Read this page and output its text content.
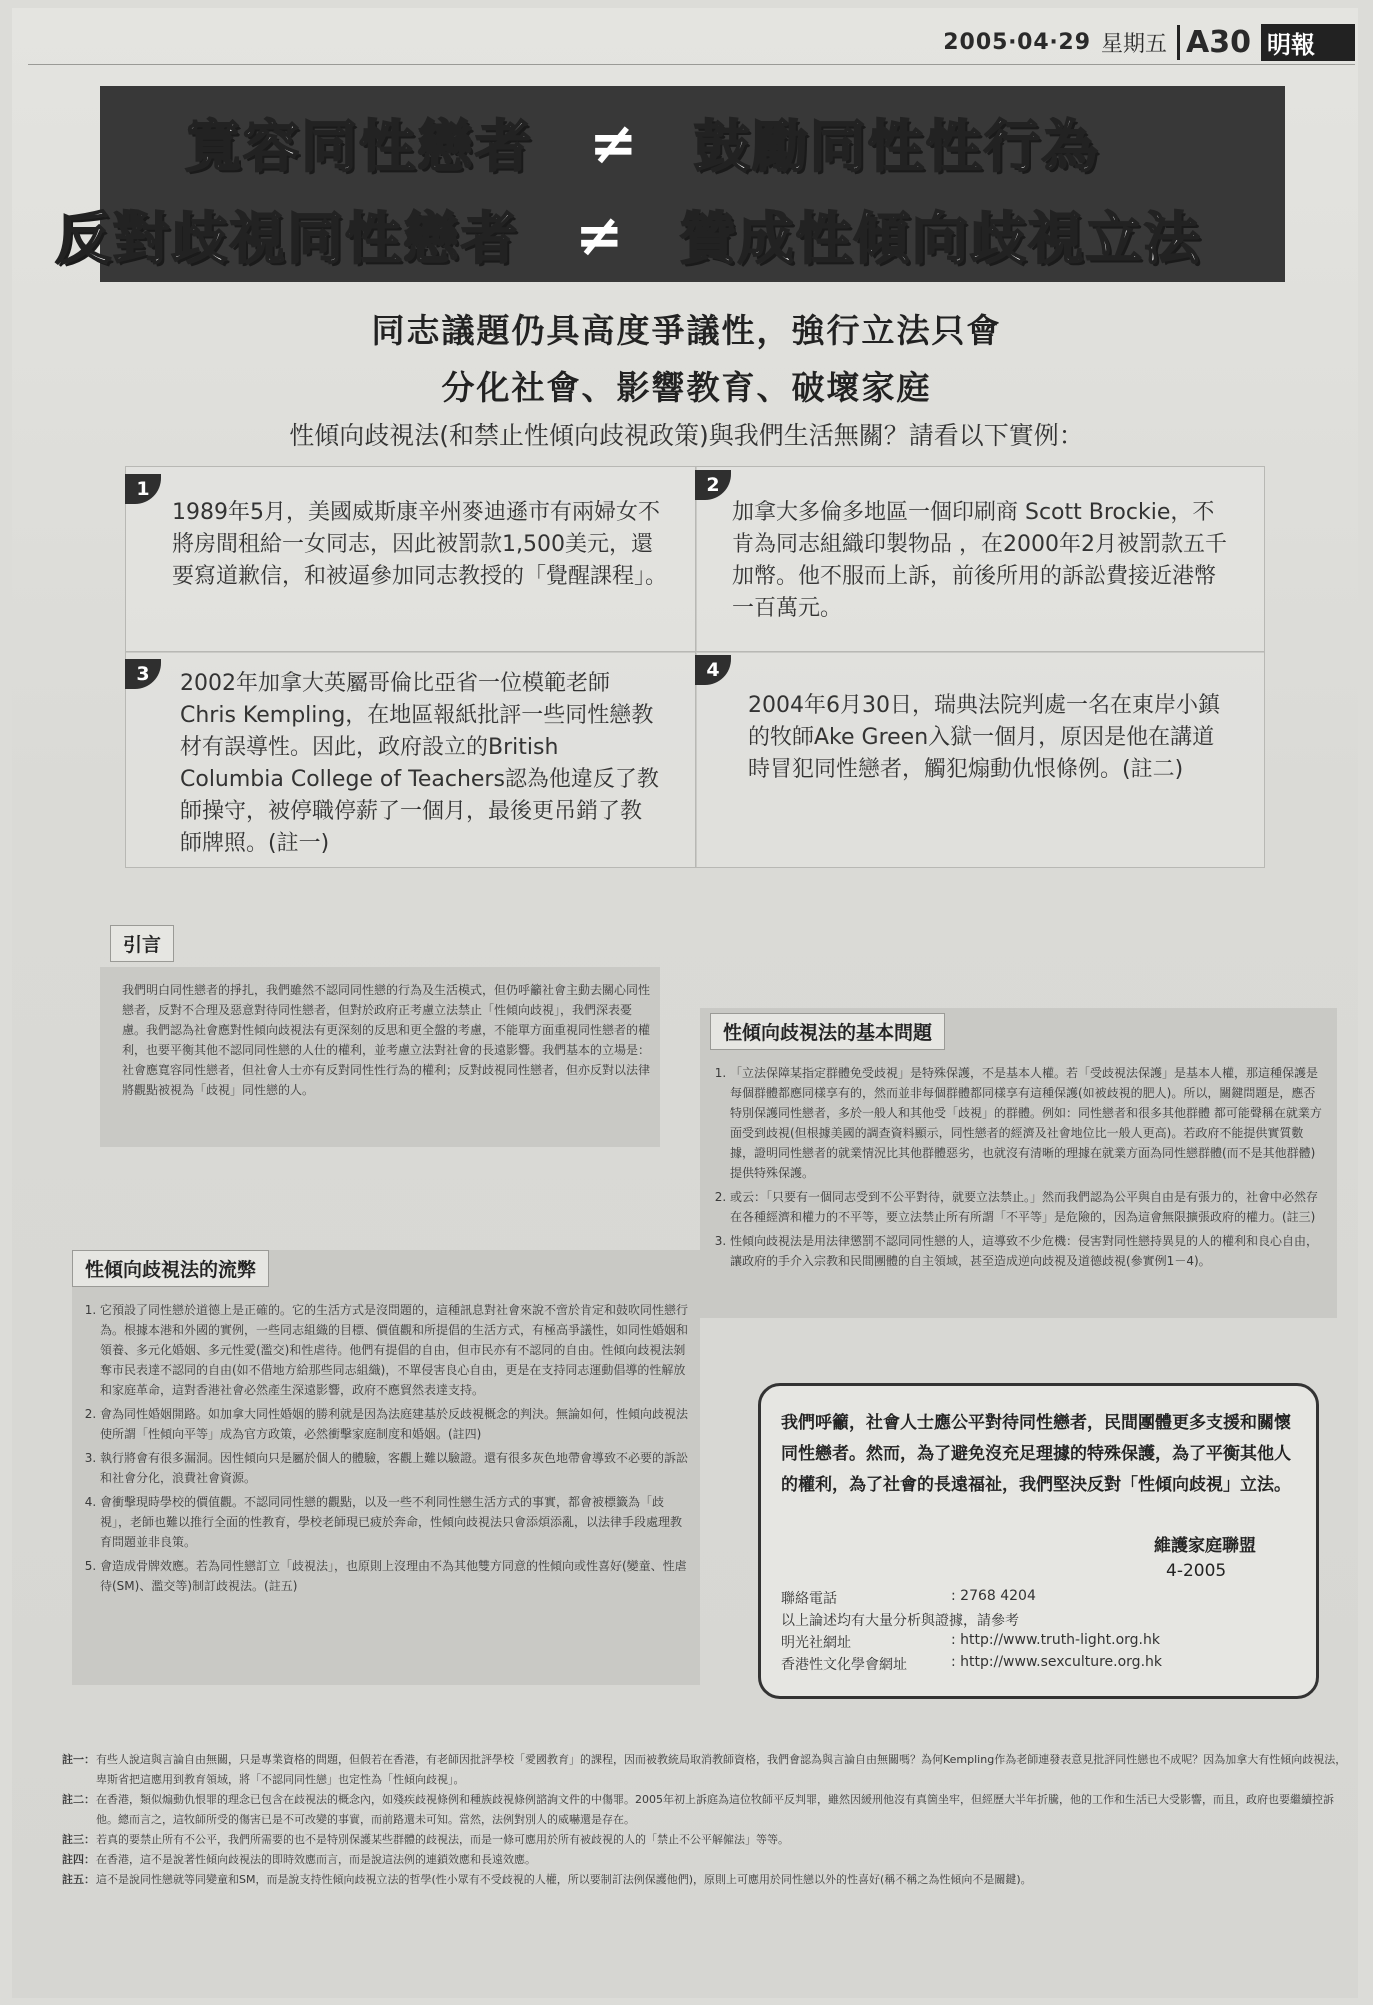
2005‧04‧29 星期五 A30 明報
寬容同性戀者 ≠ 鼓勵同性性行為
反對歧視同性戀者 ≠ 贊成性傾向歧視立法
同志議題仍具高度爭議性，強行立法只會
分化社會、影響教育、破壞家庭
性傾向歧視法(和禁止性傾向歧視政策)與我們生活無關？請看以下實例：
1	2
3	4
1989年5月，美國威斯康辛州麥迪遜市有兩婦女不將房間租給一女同志，因此被罰款1,500美元，還要寫道歉信，和被逼參加同志教授的「覺醒課程」。
加拿大多倫多地區一個印刷商 Scott Brockie，不肯為同志組織印製物品 ，在2000年2月被罰款五千加幣。他不服而上訴，前後所用的訴訟費接近港幣一百萬元。
2002年加拿大英屬哥倫比亞省一位模範老師Chris Kempling，在地區報紙批評一些同性戀教材有誤導性。因此，政府設立的British Columbia College of Teachers認為他違反了教師操守，被停職停薪了一個月，最後更吊銷了教師牌照。(註一)
2004年6月30日，瑞典法院判處一名在東岸小鎮的牧師Ake Green入獄一個月，原因是他在講道時冒犯同性戀者，觸犯煽動仇恨條例。(註二)
引言

我們明白同性戀者的掙扎，我們雖然不認同同性戀的行為及生活模式，但仍呼籲社會主動去關心同性戀者，反對不合理及惡意對待同性戀者，但對於政府正考慮立法禁止「性傾向歧視」，我們深表憂慮。我們認為社會應對性傾向歧視法有更深刻的反思和更全盤的考慮，不能單方面重視同性戀者的權利，也要平衡其他不認同同性戀的人仕的權利，並考慮立法對社會的長遠影響。我們基本的立場是：社會應寬容同性戀者，但社會人士亦有反對同性性行為的權利；反對歧視同性戀者，但亦反對以法律將觀點被視為「歧視」同性戀的人。

性傾向歧視法的基本問題
1. 「立法保障某指定群體免受歧視」是特殊保護，不是基本人權。若「受歧視法保護」是基本人權，那這種保護是每個群體都應同樣享有的，然而並非每個群體都同樣享有這種保護(如被歧視的肥人)。所以，關鍵問題是，應否特別保護同性戀者，多於一般人和其他受「歧視」的群體。例如：同性戀者和很多其他群體 都可能聲稱在就業方面受到歧視(但根據美國的調查資料顯示，同性戀者的經濟及社會地位比一般人更高)。若政府不能提供實質數據，證明同性戀者的就業情況比其他群體惡劣，也就沒有清晰的理據在就業方面為同性戀群體(而不是其他群體)提供特殊保護。
2. 或云：「只要有一個同志受到不公平對待，就要立法禁止。」然而我們認為公平與自由是有張力的，社會中必然存在各種經濟和權力的不平等，要立法禁止所有所謂「不平等」是危險的，因為這會無限擴張政府的權力。(註三)
3. 性傾向歧視法是用法律懲罰不認同同性戀的人，這導致不少危機：侵害對同性戀持異見的人的權利和良心自由，讓政府的手介入宗教和民間團體的自主領域，甚至造成逆向歧視及道德歧視(參實例1－4)。
性傾向歧視法的流弊
1. 它預設了同性戀於道德上是正確的。它的生活方式是沒問題的，這種訊息對社會來說不啻於肯定和鼓吹同性戀行為。根據本港和外國的實例，一些同志組織的目標、價值觀和所提倡的生活方式，有極高爭議性，如同性婚姻和領養、多元化婚姻、多元性愛(濫交)和性虐待。他們有提倡的自由，但市民亦有不認同的自由。性傾向歧視法剝奪市民表達不認同的自由(如不借地方給那些同志組織)，不單侵害良心自由，更是在支持同志運動倡導的性解放和家庭革命，這對香港社會必然產生深遠影響，政府不應貿然表達支持。
2. 會為同性婚姻開路。如加拿大同性婚姻的勝利就是因為法庭建基於反歧視概念的判決。無論如何，性傾向歧視法使所謂「性傾向平等」成為官方政策，必然衝擊家庭制度和婚姻。(註四)
3. 執行將會有很多漏洞。因性傾向只是屬於個人的體驗，客觀上難以驗證。還有很多灰色地帶會導致不必要的訴訟和社會分化，浪費社會資源。
4. 會衝擊現時學校的價值觀。不認同同性戀的觀點，以及一些不利同性戀生活方式的事實，都會被標籤為「歧視」，老師也難以推行全面的性教育，學校老師現已疲於奔命，性傾向歧視法只會添煩添亂，以法律手段處理教育問題並非良策。
5. 會造成骨牌效應。若為同性戀訂立「歧視法」，也原則上沒理由不為其他雙方同意的性傾向或性喜好(變童、性虐待(SM)、濫交等)制訂歧視法。(註五)
我們呼籲，社會人士應公平對待同性戀者，民間團體更多支援和關懷同性戀者。然而，為了避免沒充足理據的特殊保護，為了平衡其他人的權利，為了社會的長遠福祉，我們堅決反對「性傾向歧視」立法。
維護家庭聯盟
4-2005
聯絡電話	: 2768 4204
以上論述均有大量分析與證據，請參考
明光社網址	: http://www.truth-light.org.hk
香港性文化學會網址	: http://www.sexculture.org.hk
註一： 有些人說這與言論自由無關，只是專業資格的問題，但假若在香港，有老師因批評學校「愛國教育」的課程，因而被教統局取消教師資格，我們會認為與言論自由無關嗎？為何Kempling作為老師連發表意見批評同性戀也不成呢？因為加拿大有性傾向歧視法，卑斯省把這應用到教育領域，將「不認同同性戀」也定性為「性傾向歧視」。
註二： 在香港，類似煽動仇恨罪的理念已包含在歧視法的概念內，如殘疾歧視條例和種族歧視條例諮詢文件的中傷罪。2005年初上訴庭為這位牧師平反判罪，雖然因緩刑他沒有真箇坐牢，但經歷大半年折騰，他的工作和生活已大受影響，而且，政府也要繼續控訴他。總而言之，這牧師所受的傷害已是不可改變的事實，而前路還未可知。當然，法例對別人的威嚇還是存在。
註三： 若真的要禁止所有不公平，我們所需要的也不是特別保護某些群體的歧視法，而是一條可應用於所有被歧視的人的「禁止不公平解僱法」等等。
註四： 在香港，這不是說著性傾向歧視法的即時效應而言，而是說這法例的連鎖效應和長遠效應。
註五： 這不是說同性戀就等同變童和SM，而是說支持性傾向歧視立法的哲學(性小眾有不受歧視的人權，所以要制訂法例保護他們)，原則上可應用於同性戀以外的性喜好(稱不稱之為性傾向不是關鍵)。
